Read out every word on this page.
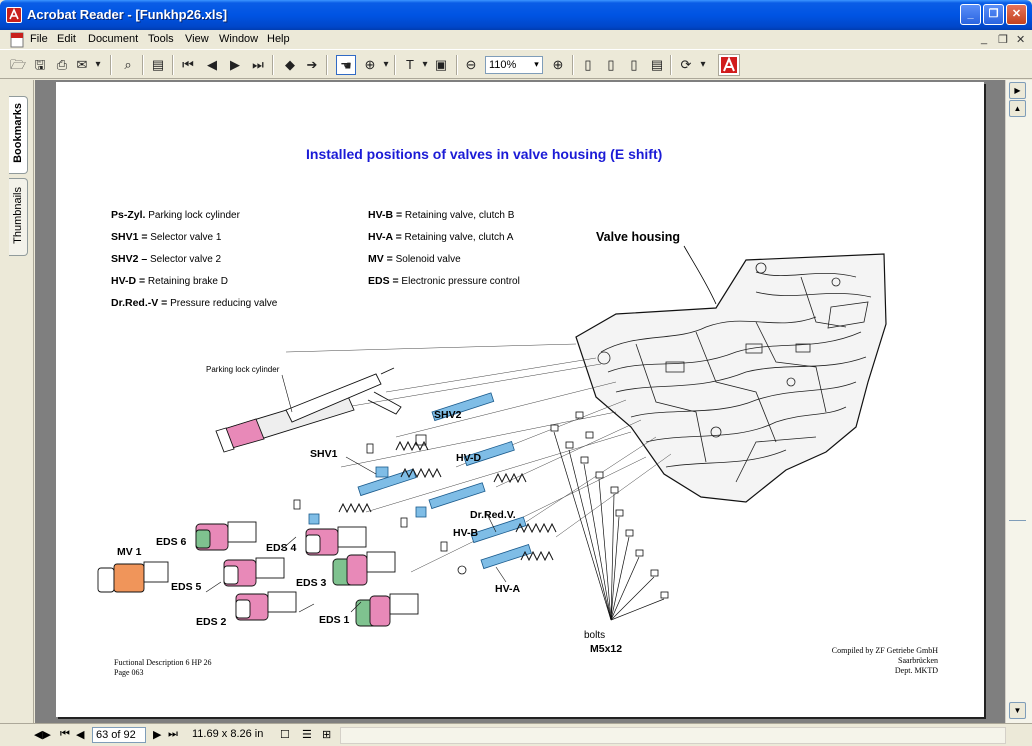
Acrobat Reader - [Funkhp26.xls]	_	❐	✕
File Edit Document Tools View Window Help	_ ❐ ✕
🗁 🖫 ⎙ ✉ ▾	⌕	▤	⏮	◀	▶ ⏭	◆ ➔	☚ ⊕ ▾	T ▾ ▣	⊖	110%	▾	⊕	▯	▯	▯	▤	⟳ ▾
Bookmarks
Thumbnails
Installed positions of valves in valve housing (E shift)
Ps-Zyl. Parking lock cylinder
SHV1 = Selector valve 1
SHV2 – Selector valve 2
HV-D = Retaining brake D
Dr.Red.-V = Pressure reducing valve
HV-B = Retaining valve, clutch B
HV-A = Retaining valve, clutch A
MV = Solenoid valve
EDS = Electronic pressure control
Valve housing
Parking lock cylinder
SHV2
SHV1	HV-D
Dr.Red.V.
HV-B
HV-A
EDS 6	EDS 4
EDS 5	EDS 3
EDS 2	EDS 1
MV 1
bolts
M5x12
Fuctional Description 6 HP 26
Page 063
Compiled by ZF Getriebe GmbH
Saarbrücken
Dept. MKTD
▶
▲
▼
◀▶ ⏮ ◀	63 of 92	▶ ⏭ 11.69 x 8.26 in ☐ ☰ ⊞
